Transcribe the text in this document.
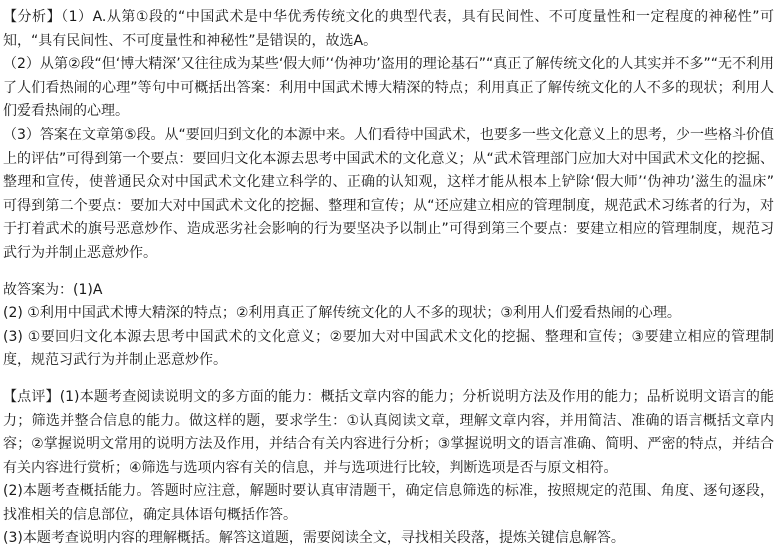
【分析】（1）A.从第①段的“中国武术是中华优秀传统文化的典型代表，具有民间性、不可度量性和一定程度的神秘性”可知，“具有民间性、不可度量性和神秘性”是错误的，故选A。

（2）从第②段“但‘博大精深’又往往成为某些‘假大师’‘伪神功’盗用的理论基石”“真正了解传统文化的人其实并不多”“无不利用了人们看热闹的心理”等句中可概括出答案：利用中国武术博大精深的特点；利用真正了解传统文化的人不多的现状；利用人们爱看热闹的心理。

（3）答案在文章第⑤段。从“要回归到文化的本源中来。人们看待中国武术，也要多一些文化意义上的思考，少一些格斗价值上的评估”可得到第一个要点：要回归文化本源去思考中国武术的文化意义；从“武术管理部门应加大对中国武术文化的挖掘、整理和宣传，使普通民众对中国武术文化建立科学的、正确的认知观，这样才能从根本上铲除‘假大师’‘伪神功’滋生的温床” 可得到第二个要点：要加大对中国武术文化的挖掘、整理和宣传；从“还应建立相应的管理制度，规范武术习练者的行为，对于打着武术的旗号恶意炒作、造成恶劣社会影响的行为要坚决予以制止”可得到第三个要点：要建立相应的管理制度，规范习武行为并制止恶意炒作。

故答案为：(1)A

(2) ①利用中国武术博大精深的特点；②利用真正了解传统文化的人不多的现状；③利用人们爱看热闹的心理。

(3) ①要回归文化本源去思考中国武术的文化意义；②要加大对中国武术文化的挖掘、整理和宣传；③要建立相应的管理制度，规范习武行为并制止恶意炒作。

【点评】(1)本题考查阅读说明文的多方面的能力：概括文章内容的能力；分析说明方法及作用的能力；品析说明文语言的能力；筛选并整合信息的能力。做这样的题，要求学生：①认真阅读文章，理解文章内容，并用简洁、准确的语言概括文章内容；②掌握说明文常用的说明方法及作用，并结合有关内容进行分析；③掌握说明文的语言准确、简明、严密的特点，并结合有关内容进行赏析；④筛选与选项内容有关的信息，并与选项进行比较，判断选项是否与原文相符。

(2)本题考查概括能力。答题时应注意，解题时要认真审清题干，确定信息筛选的标准，按照规定的范围、角度、逐句逐段，找准相关的信息部位，确定具体语句概括作答。

(3)本题考查说明内容的理解概括。解答这道题，需要阅读全文，寻找相关段落，提炼关键信息解答。
